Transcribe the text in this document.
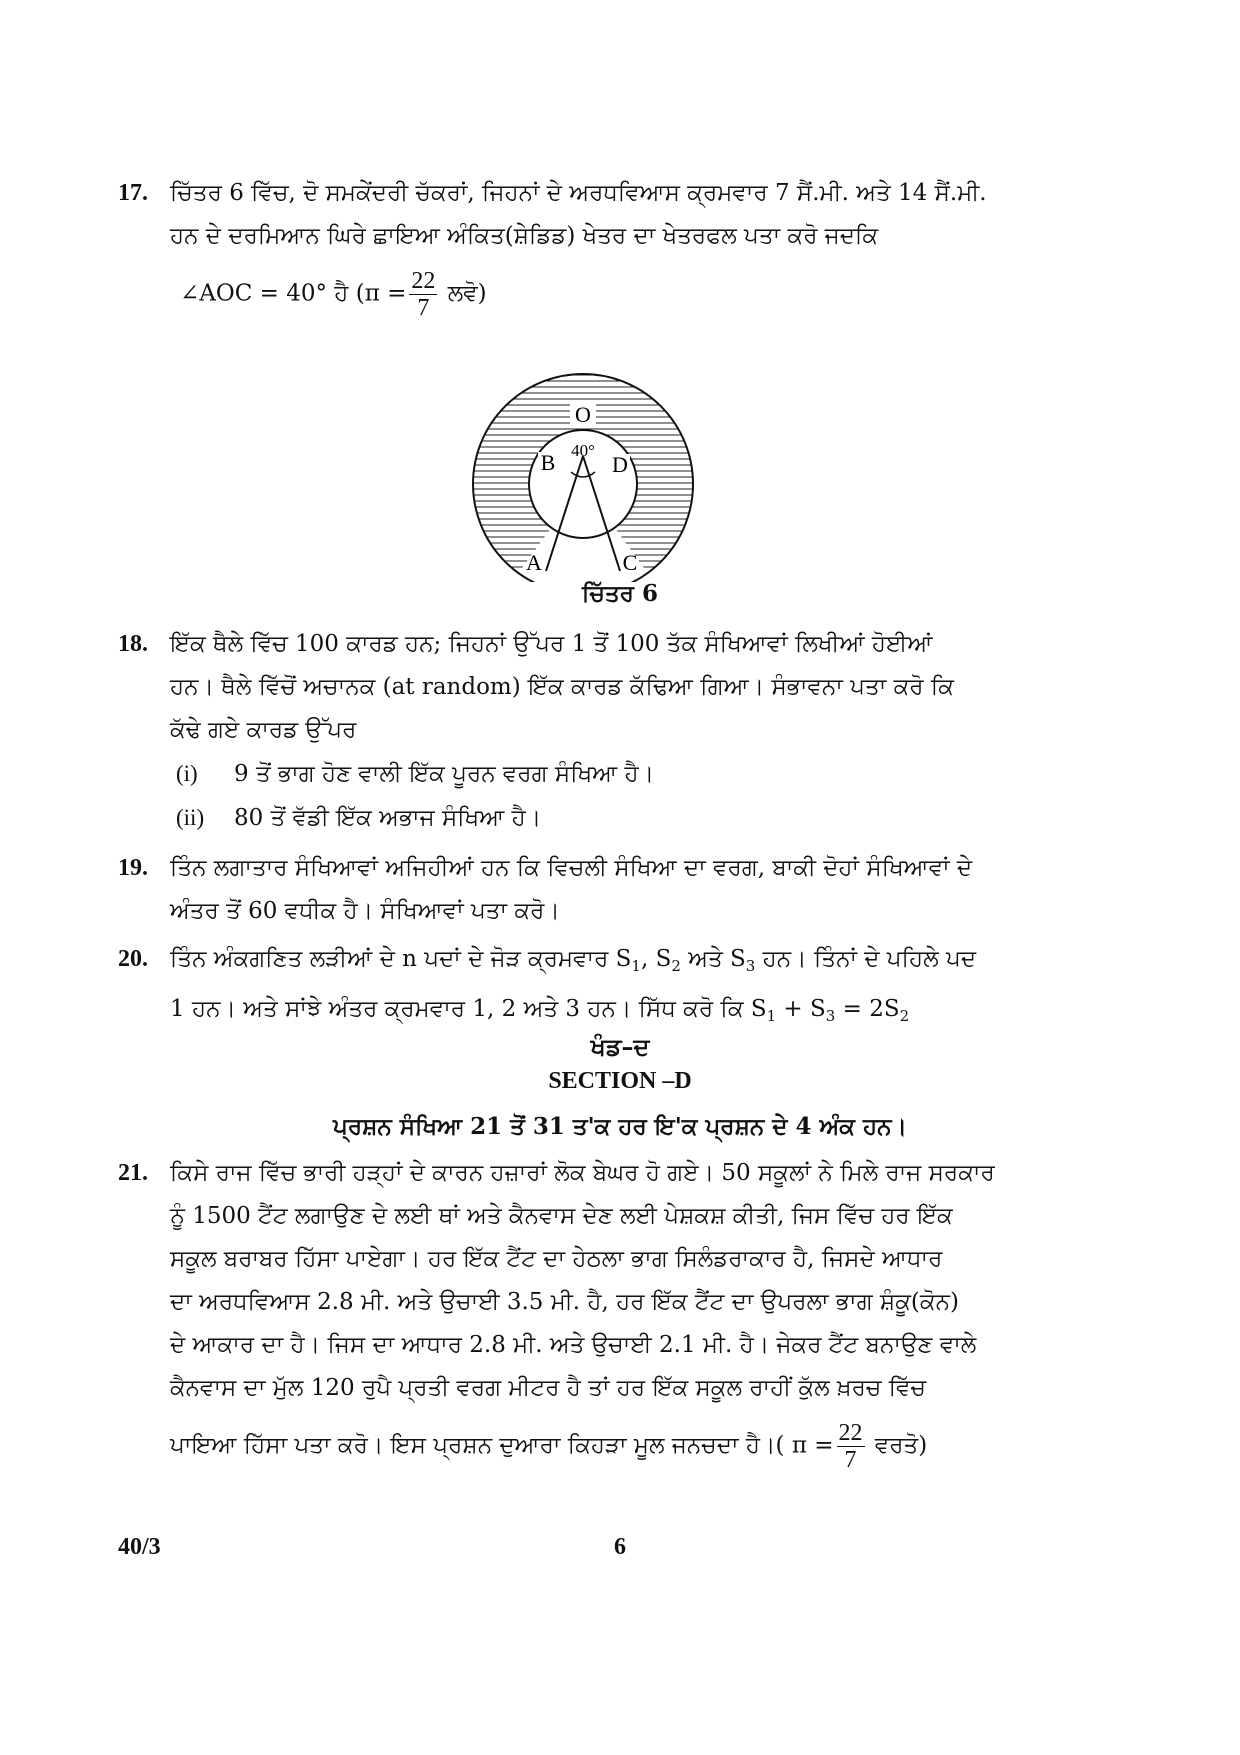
17. ਚਿੱਤਰ 6 ਵਿੱਚ, ਦੋ ਸਮਕੇਂਦਰੀ ਚੱਕਰਾਂ, ਜਿਹਨਾਂ ਦੇ ਅਰਧਵਿਆਸ ਕ੍ਰਮਵਾਰ 7 ਸੈਂ.ਮੀ. ਅਤੇ 14 ਸੈਂ.ਮੀ.
ਹਨ ਦੇ ਦਰਮਿਆਨ ਘਿਰੇ ਛਾਇਆ ਅੰਕਿਤ(ਸ਼ੇਡਿਡ) ਖੇਤਰ ਦਾ ਖੇਤਰਫਲ ਪਤਾ ਕਰੋ ਜਦਕਿ
∠AOC = 40° ਹੈ ($\pi = \frac{22}{7}$ ਲਵੋ)
O
40°
B	D
A	C
ਚਿੱਤਰ 6
18. ਇੱਕ ਥੈਲੇ ਵਿੱਚ 100 ਕਾਰਡ ਹਨ; ਜਿਹਨਾਂ ਉੱਪਰ 1 ਤੋਂ 100 ਤੱਕ ਸੰਖਿਆਵਾਂ ਲਿਖੀਆਂ ਹੋਈਆਂ
ਹਨ। ਥੈਲੇ ਵਿੱਚੋਂ ਅਚਾਨਕ (at random) ਇੱਕ ਕਾਰਡ ਕੱਢਿਆ ਗਿਆ। ਸੰਭਾਵਨਾ ਪਤਾ ਕਰੋ ਕਿ
ਕੱਢੇ ਗਏ ਕਾਰਡ ਉੱਪਰ
(i) 9 ਤੋਂ ਭਾਗ ਹੋਣ ਵਾਲੀ ਇੱਕ ਪੂਰਨ ਵਰਗ ਸੰਖਿਆ ਹੈ।
(ii) 80 ਤੋਂ ਵੱਡੀ ਇੱਕ ਅਭਾਜ ਸੰਖਿਆ ਹੈ।
19. ਤਿੰਨ ਲਗਾਤਾਰ ਸੰਖਿਆਵਾਂ ਅਜਿਹੀਆਂ ਹਨ ਕਿ ਵਿਚਲੀ ਸੰਖਿਆ ਦਾ ਵਰਗ, ਬਾਕੀ ਦੋਹਾਂ ਸੰਖਿਆਵਾਂ ਦੇ
ਅੰਤਰ ਤੋਂ 60 ਵਧੀਕ ਹੈ। ਸੰਖਿਆਵਾਂ ਪਤਾ ਕਰੋ।
20. ਤਿੰਨ ਅੰਕਗਣਿਤ ਲੜੀਆਂ ਦੇ n ਪਦਾਂ ਦੇ ਜੋੜ ਕ੍ਰਮਵਾਰ $S_1$, $S_2$ ਅਤੇ $S_3$ ਹਨ। ਤਿੰਨਾਂ ਦੇ ਪਹਿਲੇ ਪਦ
1 ਹਨ। ਅਤੇ ਸਾਂਝੇ ਅੰਤਰ ਕ੍ਰਮਵਾਰ 1, 2 ਅਤੇ 3 ਹਨ। ਸਿੱਧ ਕਰੋ ਕਿ $S_1 + S_3 = 2S_2$
ਖੰਡ–ਦ
SECTION –D
ਪ੍ਰਸ਼ਨ ਸੰਖਿਆ 21 ਤੋਂ 31 ਤ'ਕ ਹਰ ਇ'ਕ ਪ੍ਰਸ਼ਨ ਦੇ 4 ਅੰਕ ਹਨ।
21. ਕਿਸੇ ਰਾਜ ਵਿੱਚ ਭਾਰੀ ਹੜ੍ਹਾਂ ਦੇ ਕਾਰਨ ਹਜ਼ਾਰਾਂ ਲੋਕ ਬੇਘਰ ਹੋ ਗਏ। 50 ਸਕੂਲਾਂ ਨੇ ਮਿਲੇ ਰਾਜ ਸਰਕਾਰ
ਨੂੰ 1500 ਟੈਂਟ ਲਗਾਉਣ ਦੇ ਲਈ ਥਾਂ ਅਤੇ ਕੈਨਵਾਸ ਦੇਣ ਲਈ ਪੇਸ਼ਕਸ਼ ਕੀਤੀ, ਜਿਸ ਵਿੱਚ ਹਰ ਇੱਕ
ਸਕੂਲ ਬਰਾਬਰ ਹਿੱਸਾ ਪਾਏਗਾ। ਹਰ ਇੱਕ ਟੈਂਟ ਦਾ ਹੇਠਲਾ ਭਾਗ ਸਿਲੰਡਰਾਕਾਰ ਹੈ, ਜਿਸਦੇ ਆਧਾਰ
ਦਾ ਅਰਧਵਿਆਸ 2.8 ਮੀ. ਅਤੇ ਉਚਾਈ 3.5 ਮੀ. ਹੈ, ਹਰ ਇੱਕ ਟੈਂਟ ਦਾ ਉਪਰਲਾ ਭਾਗ ਸ਼ੰਕੂ(ਕੋਨ)
ਦੇ ਆਕਾਰ ਦਾ ਹੈ। ਜਿਸ ਦਾ ਆਧਾਰ 2.8 ਮੀ. ਅਤੇ ਉਚਾਈ 2.1 ਮੀ. ਹੈ। ਜੇਕਰ ਟੈਂਟ ਬਨਾਉਣ ਵਾਲੇ
ਕੈਨਵਾਸ ਦਾ ਮੁੱਲ 120 ਰੁਪੈ ਪ੍ਰਤੀ ਵਰਗ ਮੀਟਰ ਹੈ ਤਾਂ ਹਰ ਇੱਕ ਸਕੂਲ ਰਾਹੀਂ ਕੁੱਲ ਖ਼ਰਚ ਵਿੱਚ
ਪਾਇਆ ਹਿੱਸਾ ਪਤਾ ਕਰੋ। ਇਸ ਪ੍ਰਸ਼ਨ ਦੁਆਰਾ ਕਿਹੜਾ ਮੂਲ ਜਨਚਦਾ ਹੈ।( $\pi = \frac{22}{7}$ ਵਰਤੋ)
40/3	6
